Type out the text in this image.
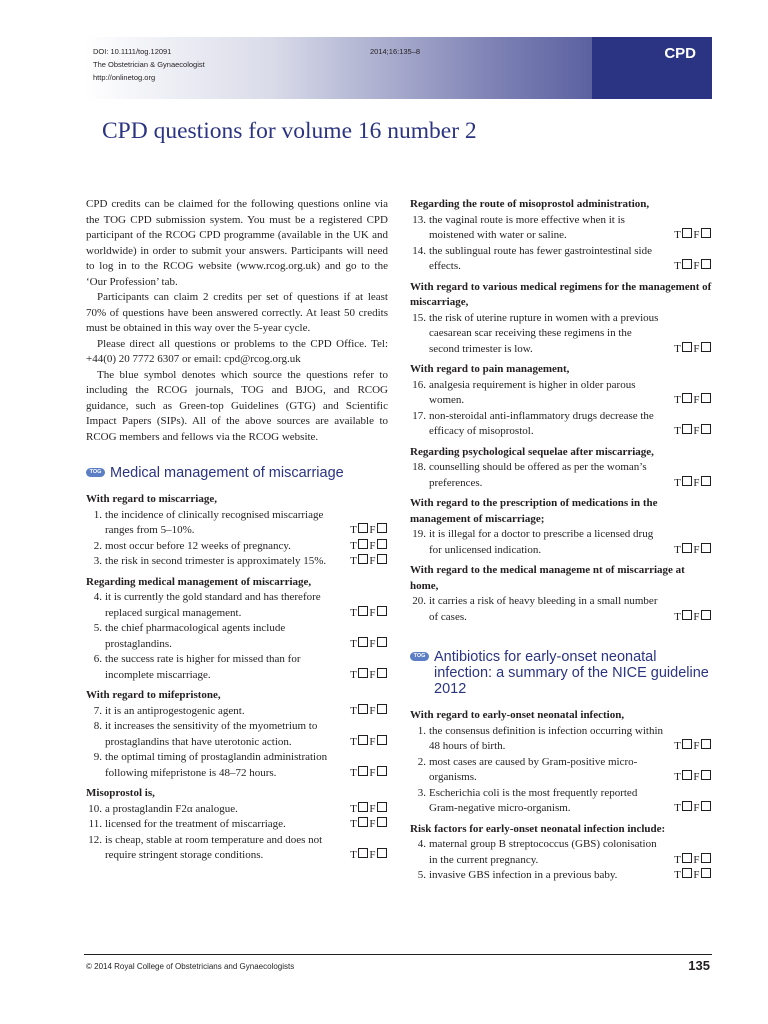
DOI: 10.1111/tog.12091
The Obstetrician & Gynaecologist
http://onlinetog.org
2014;16:135–8	CPD
CPD questions for volume 16 number 2

CPD credits can be claimed for the following questions online via the TOG CPD submission system. You must be a registered CPD participant of the RCOG CPD programme (available in the UK and worldwide) in order to submit your answers. Participants will need to log in to the RCOG website (www.rcog.org.uk) and go to the ‘Our Profession’ tab.

Participants can claim 2 credits per set of questions if at least 70% of questions have been answered correctly. At least 50 credits must be obtained in this way over the 5-year cycle.

Please direct all questions or problems to the CPD Office. Tel: +44(0) 20 7772 6307 or email: cpd@rcog.org.uk

The blue symbol denotes which source the questions refer to including the RCOG journals, TOG and BJOG, and RCOG guidance, such as Green-top Guidelines (GTG) and Scientific Impact Papers (SIPs). All of the above sources are available to RCOG members and fellows via the RCOG website.

TOG Medical management of miscarriage
With regard to miscarriage,
1. the incidence of clinically recognised miscarriage ranges from 5–10%.	T F
2. most occur before 12 weeks of pregnancy.	T F
3. the risk in second trimester is approximately 15%.	T F
Regarding medical management of miscarriage,
4. it is currently the gold standard and has therefore replaced surgical management.	T F
5. the chief pharmacological agents include prostaglandins.	T F
6. the success rate is higher for missed than for incomplete miscarriage.	T F
With regard to mifepristone,
7. it is an antiprogestogenic agent.	T F
8. it increases the sensitivity of the myometrium to prostaglandins that have uterotonic action.	T F
9. the optimal timing of prostaglandin administration following mifepristone is 48–72 hours.	T F
Misoprostol is,
10. a prostaglandin F2α analogue.	T F
11. licensed for the treatment of miscarriage.	T F
12. is cheap, stable at room temperature and does not require stringent storage conditions.	T F
Regarding the route of misoprostol administration,
13. the vaginal route is more effective when it is moistened with water or saline.	T F
14. the sublingual route has fewer gastrointestinal side effects.	T F
With regard to various medical regimens for the management of miscarriage,
15. the risk of uterine rupture in women with a previous caesarean scar receiving these regimens in the second trimester is low.	T F
With regard to pain management,
16. analgesia requirement is higher in older parous women.	T F
17. non-steroidal anti-inflammatory drugs decrease the efficacy of misoprostol.	T F
Regarding psychological sequelae after miscarriage,
18. counselling should be offered as per the woman’s preferences.	T F
With regard to the prescription of medications in the management of miscarriage;
19. it is illegal for a doctor to prescribe a licensed drug for unlicensed indication.	T F
With regard to the medical manageme nt of miscarriage at home,
20. it carries a risk of heavy bleeding in a small number of cases.	T F
TOG Antibiotics for early-onset neonatal infection: a summary of the NICE guideline 2012
With regard to early-onset neonatal infection,
1. the consensus definition is infection occurring within 48 hours of birth.	T F
2. most cases are caused by Gram-positive micro-organisms.	T F
3. Escherichia coli is the most frequently reported Gram-negative micro-organism.	T F
Risk factors for early-onset neonatal infection include:
4. maternal group B streptococcus (GBS) colonisation in the current pregnancy.	T F
5. invasive GBS infection in a previous baby.	T F
© 2014 Royal College of Obstetricians and Gynaecologists	135
